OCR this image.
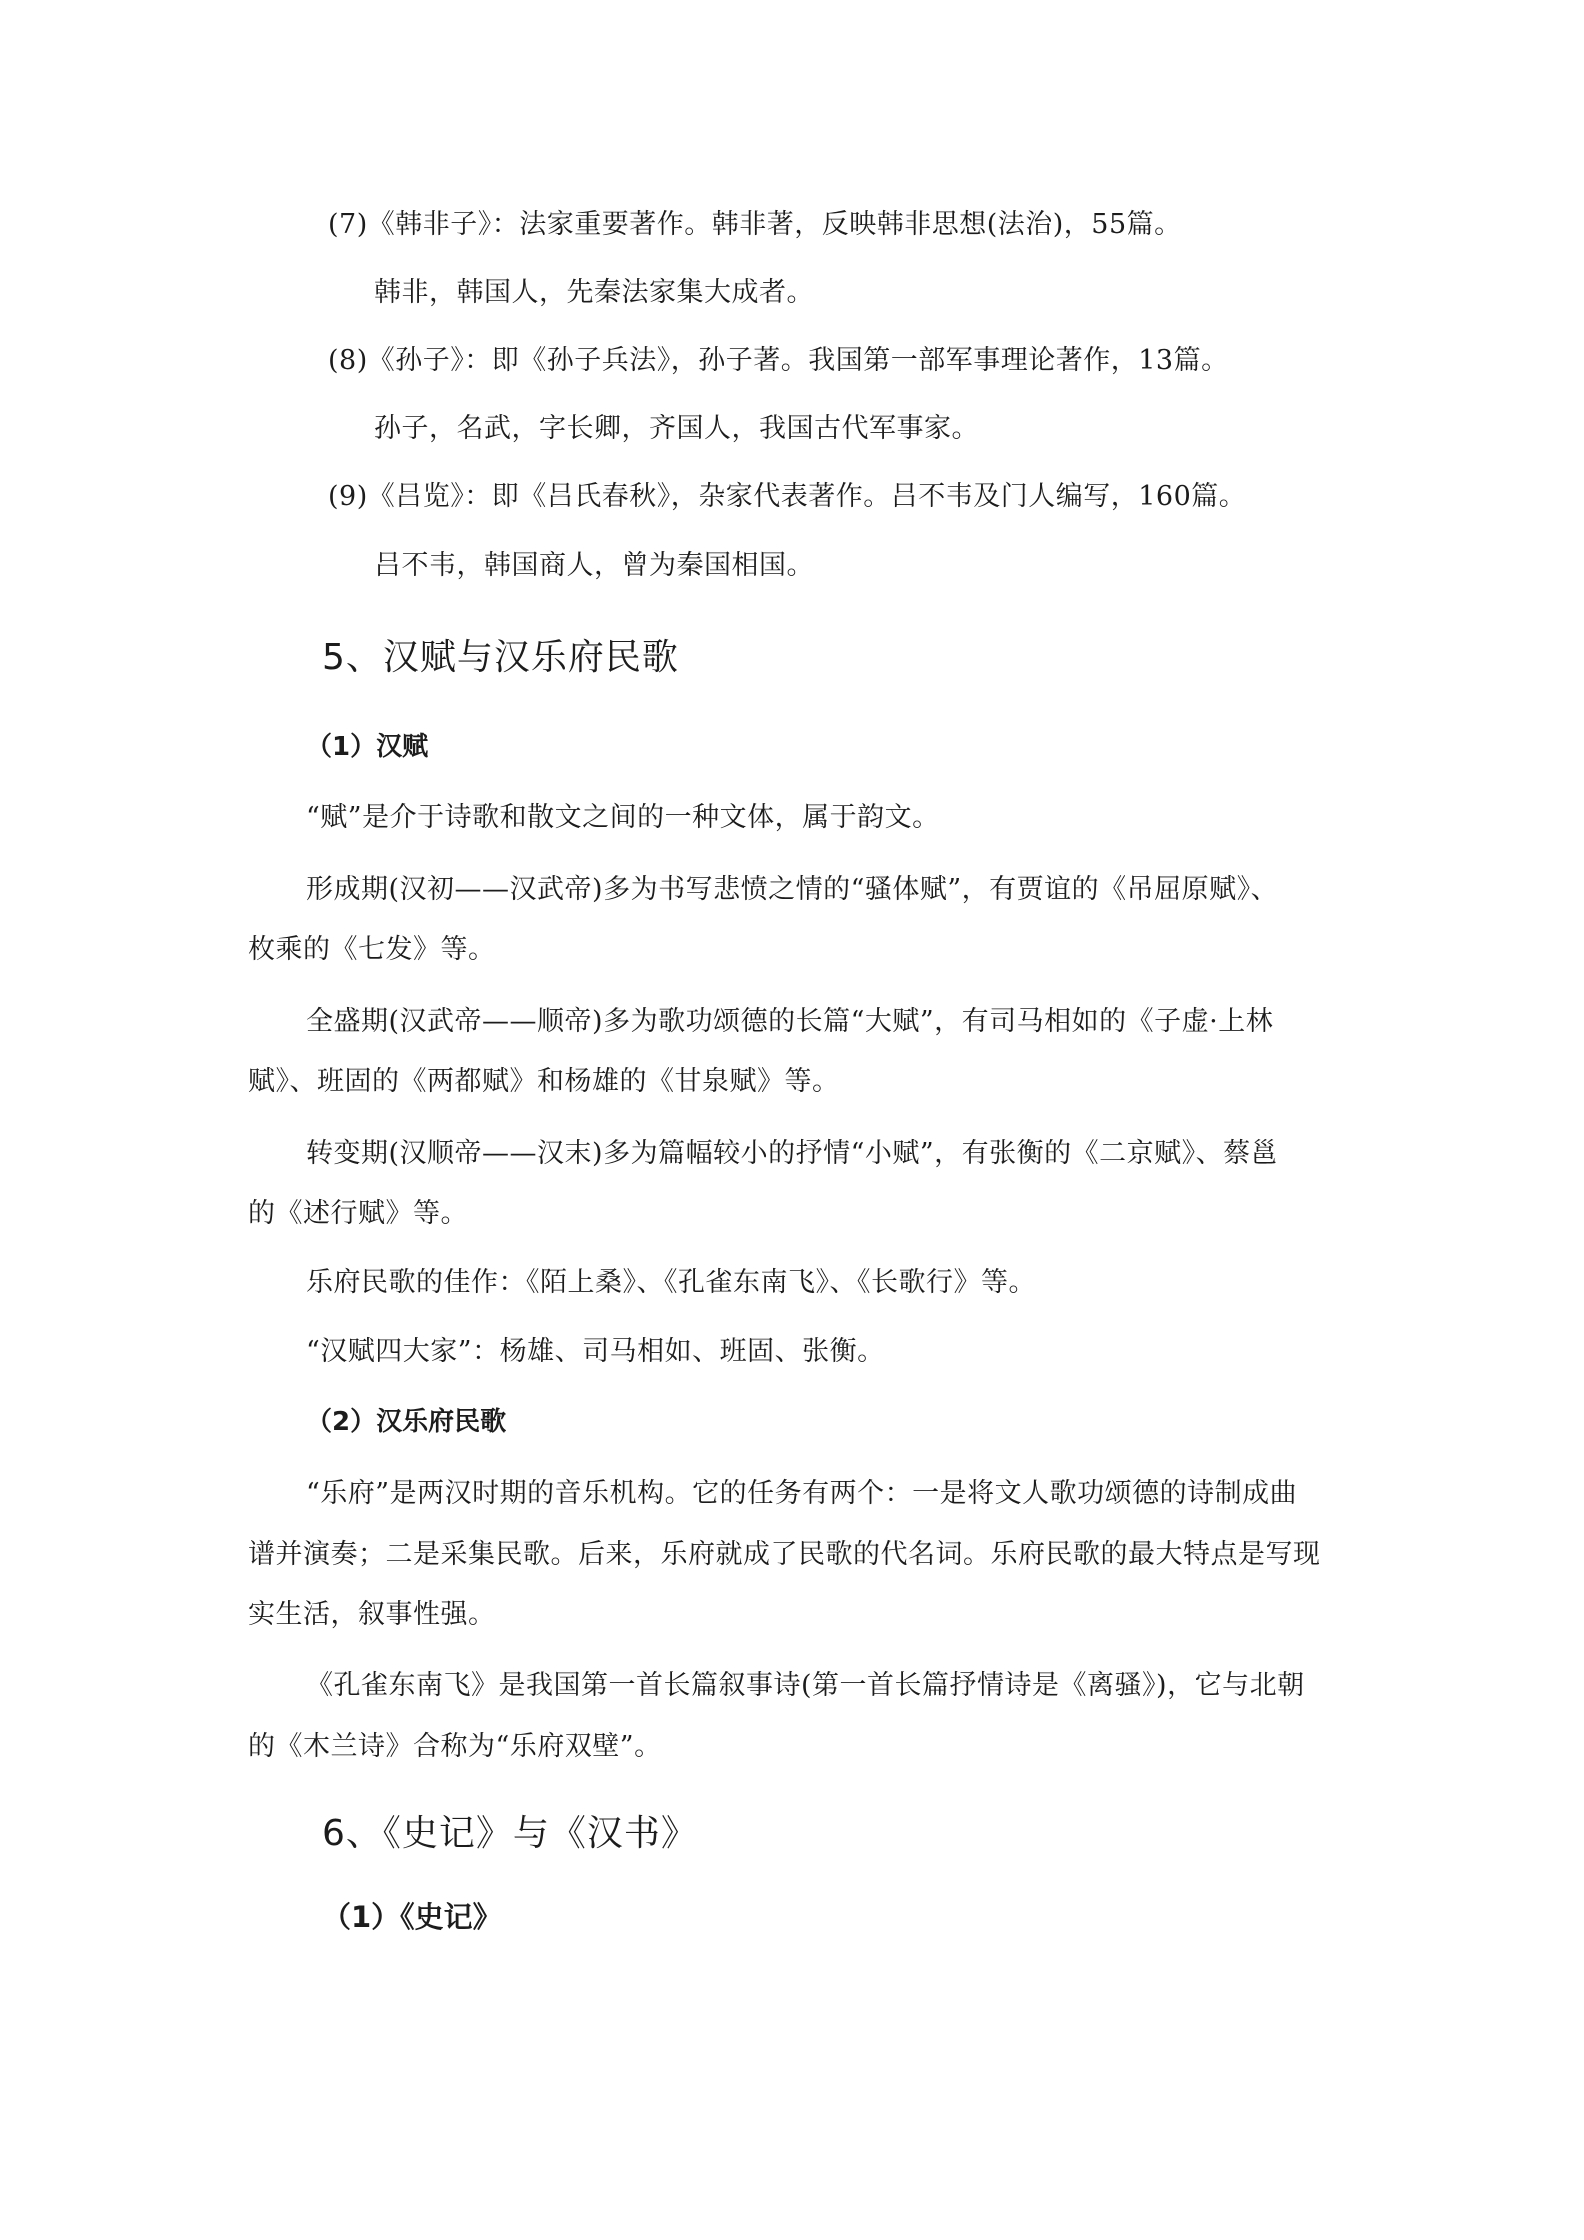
(7)《韩非子》：法家重要著作。韩非著，反映韩非思想(法治)，55篇。
韩非，韩国人，先秦法家集大成者。
(8)《孙子》：即《孙子兵法》，孙子著。我国第一部军事理论著作，13篇。
孙子，名武，字长卿，齐国人，我国古代军事家。
(9)《吕览》：即《吕氏春秋》，杂家代表著作。吕不韦及门人编写，160篇。
吕不韦，韩国商人，曾为秦国相国。
5、汉赋与汉乐府民歌
（1）汉赋
“赋”是介于诗歌和散文之间的一种文体，属于韵文。
形成期(汉初——汉武帝)多为书写悲愤之情的“骚体赋”，有贾谊的《吊屈原赋》、
枚乘的《七发》等。
全盛期(汉武帝——顺帝)多为歌功颂德的长篇“大赋”，有司马相如的《子虚·上林
赋》、班固的《两都赋》和杨雄的《甘泉赋》等。
转变期(汉顺帝——汉末)多为篇幅较小的抒情“小赋”，有张衡的《二京赋》、蔡邕
的《述行赋》等。
乐府民歌的佳作：《陌上桑》、《孔雀东南飞》、《长歌行》等。
“汉赋四大家”：杨雄、司马相如、班固、张衡。
（2）汉乐府民歌
“乐府”是两汉时期的音乐机构。它的任务有两个：一是将文人歌功颂德的诗制成曲
谱并演奏；二是采集民歌。后来，乐府就成了民歌的代名词。乐府民歌的最大特点是写现
实生活，叙事性强。
《孔雀东南飞》是我国第一首长篇叙事诗(第一首长篇抒情诗是《离骚》)，它与北朝
的《木兰诗》合称为“乐府双壁”。
6、《史记》与《汉书》
（1）《史记》
